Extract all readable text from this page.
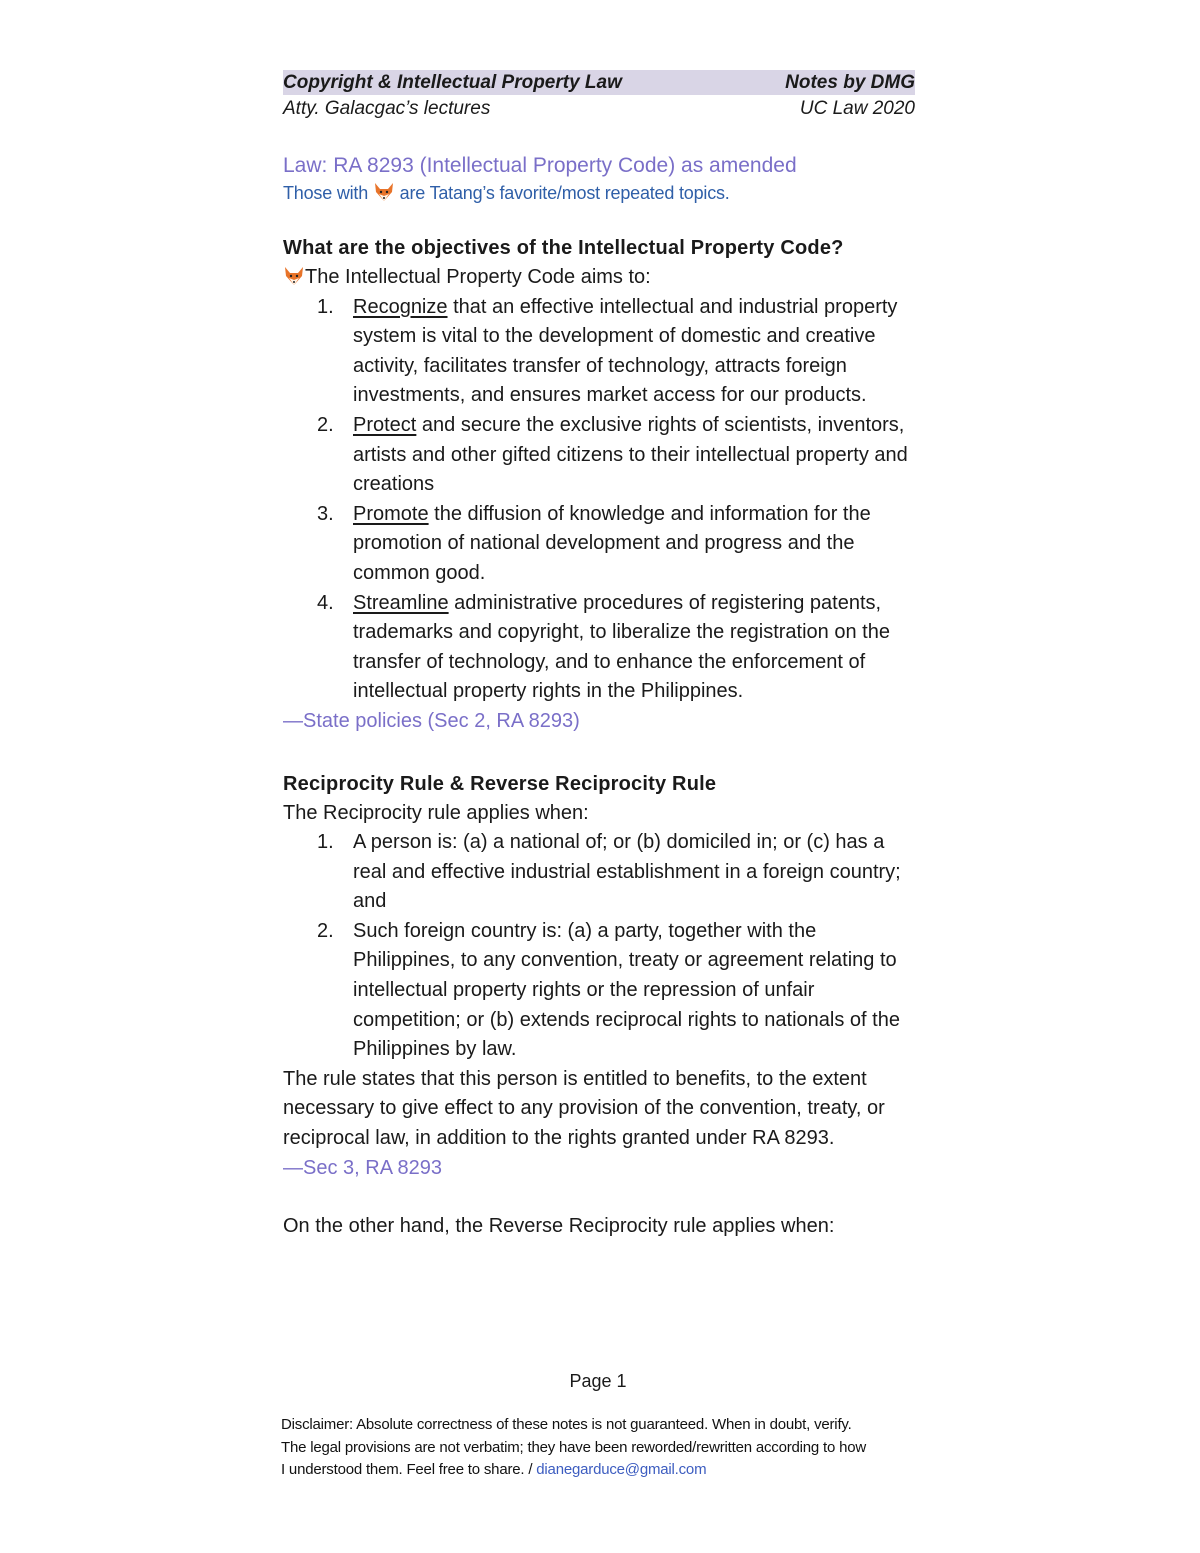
Copyright & Intellectual Property Law	Notes by DMG
Atty. Galacgac’s lectures	UC Law 2020
Law: RA 8293 (Intellectual Property Code) as amended
Those with are Tatang’s favorite/most repeated topics.
What are the objectives of the Intellectual Property Code?
The Intellectual Property Code aims to:
1. Recognize that an effective intellectual and industrial property system is vital to the development of domestic and creative activity, facilitates transfer of technology, attracts foreign investments, and ensures market access for our products.
2. Protect and secure the exclusive rights of scientists, inventors, artists and other gifted citizens to their intellectual property and creations
3. Promote the diffusion of knowledge and information for the promotion of national development and progress and the common good.
4. Streamline administrative procedures of registering patents, trademarks and copyright, to liberalize the registration on the transfer of technology, and to enhance the enforcement of intellectual property rights in the Philippines.
—State policies (Sec 2, RA 8293)
Reciprocity Rule & Reverse Reciprocity Rule
The Reciprocity rule applies when:
1. A person is: (a) a national of; or (b) domiciled in; or (c) has a real and effective industrial establishment in a foreign country; and
2. Such foreign country is: (a) a party, together with the Philippines, to any convention, treaty or agreement relating to intellectual property rights or the repression of unfair competition; or (b) extends reciprocal rights to nationals of the Philippines by law.
The rule states that this person is entitled to benefits, to the extent necessary to give effect to any provision of the convention, treaty, or reciprocal law, in addition to the rights granted under RA 8293.
—Sec 3, RA 8293
On the other hand, the Reverse Reciprocity rule applies when:
Page 1
Disclaimer: Absolute correctness of these notes is not guaranteed. When in doubt, verify.
The legal provisions are not verbatim; they have been reworded/rewritten according to how
I understood them. Feel free to share. / dianegarduce@gmail.com
